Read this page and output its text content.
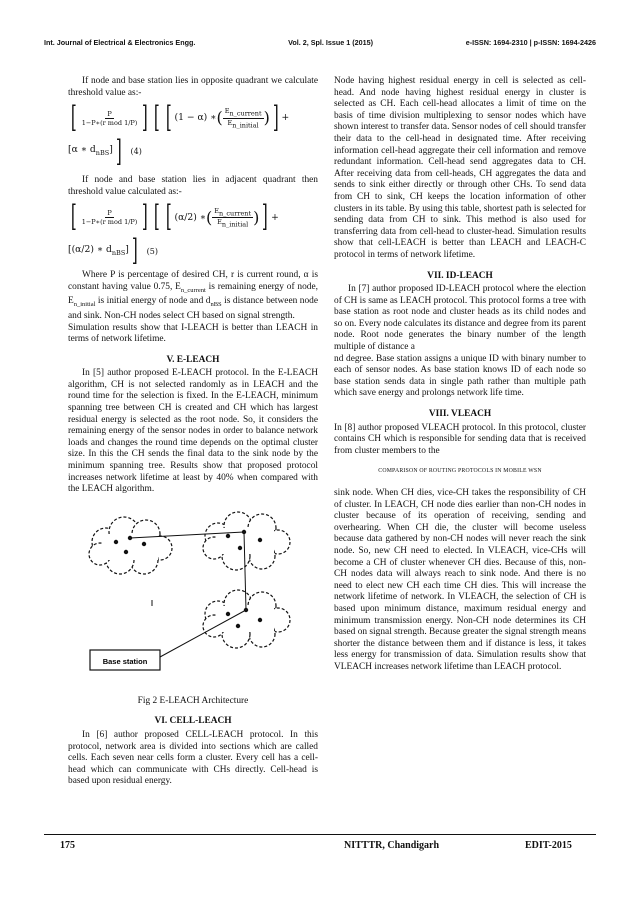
Int. Journal of Electrical & Electronics Engg.	Vol. 2, Spl. Issue 1 (2015)	e-ISSN: 1694-2310 | p-ISSN: 1694-2426

If node and base station lies in opposite quadrant we calculate threshold value as:-

[ $\frac{P}{\text{1−P∗(r mod 1/P)}}$ ] [ [ (1 − α) ∗ ( $\frac{E_{n\_current}}{E_{n\_initial}}$ ) ] +
[α ∗ $d_{nBS}$] ] (4)

If node and base station lies in adjacent quadrant then threshold value calculated as:-

[ $\frac{P}{\text{1−P∗(r mod 1/P)}}$ ] [ [ (α/2) ∗ ( $\frac{E_{n\_current}}{E_{n\_initial}}$ ) ] +
[(α/2) ∗ $d_{nBS}$] ] (5)

Where P is percentage of desired CH, r is current round, α is constant having value 0.75, $E_{n\_current}$ is remaining energy of node, $E_{n\_initial}$ is initial energy of node and $d_{nBS}$ is distance between node and sink. Non-CH nodes select CH based on signal strength.

Simulation results show that I-LEACH is better than LEACH in terms of network lifetime.

V. E-LEACH

In [5] author proposed E-LEACH protocol. In the E-LEACH algorithm, CH is not selected randomly as in LEACH and the round time for the selection is fixed. In the E-LEACH, minimum spanning tree between CH is created and CH which has largest residual energy is selected as the root node. So, it considers the remaining energy of the sensor nodes in order to balance network loads and changes the round time depends on the optimal cluster size. In this the CH sends the final data to the sink node by the minimum spanning tree. Results show that proposed protocol increases network lifetime at least by 40% when compared with the LEACH algorithm.

Base station

Fig 2 E-LEACH Architecture

VI. CELL-LEACH

In [6] author proposed CELL-LEACH protocol. In this protocol, network area is divided into sections which are called cells. Each seven near cells form a cluster. Every cell has a cell-head which can communicate with CHs directly. Cell-head is based upon residual energy.

Node having highest residual energy in cell is selected as cell-head. And node having highest residual energy in cluster is selected as CH. Each cell-head allocates a limit of time on the basis of time division multiplexing to sensor nodes which have shown interest to transfer data. Sensor nodes of cell should transfer their data to the cell-head in designated time. After receiving information cell-head aggregate their cell information and remove redundant information. Cell-head send aggregates data to CH. After receiving data from cell-heads, CH aggregates the data and sends to sink either directly or through other CHs. To send data from CH to sink, CH keeps the location information of other clusters in its table. By using this table, shortest path is selected for sending data from CH to sink. This method is also used for transferring data from cell-head to cluster-head. Simulation results show that cell-LEACH is better than LEACH and LEACH-C protocol in terms of network lifetime.

VII. ID-LEACH

In [7] author proposed ID-LEACH protocol where the election of CH is same as LEACH protocol. This protocol forms a tree with base station as root node and cluster heads as its child nodes and so on. Every node calculates its distance and degree from its parent node. Root node generates the binary number of the length multiple of distance a
nd degree. Base station assigns a unique ID with binary number to each of sensor nodes. As base station knows ID of each node so base station sends data in single path rather than multiple path which save energy and prolongs network life time.

VIII. VLEACH

In [8] author proposed VLEACH protocol. In this protocol, cluster contains CH which is responsible for sending data that is received from cluster members to the

COMPARISON OF ROUTING PROTOCOLS IN MOBILE WSN

sink node. When CH dies, vice-CH takes the responsibility of CH of cluster. In LEACH, CH node dies earlier than non-CH nodes in cluster because of its operation of receiving, sending and overhearing. When CH die, the cluster will become useless because data gathered by non-CH nodes will never reach the sink node. So, new CH need to elected. In VLEACH, vice-CHs will become a CH of cluster whenever CH dies. Because of this, non-CH nodes data will always reach to sink node. And there is no need to elect new CH each time CH dies. This will increase the network lifetime of network. In VLEACH, the selection of CH is based upon minimum distance, maximum residual energy and minimum transmission energy. Non-CH node determines its CH based on signal strength. Because greater the signal strength means shorter the distance between them and if distance is less, it takes less energy for transmission of data. Simulation results show that VLEACH increases network lifetime than LEACH protocol.

175	NITTTR, Chandigarh	EDIT-2015
